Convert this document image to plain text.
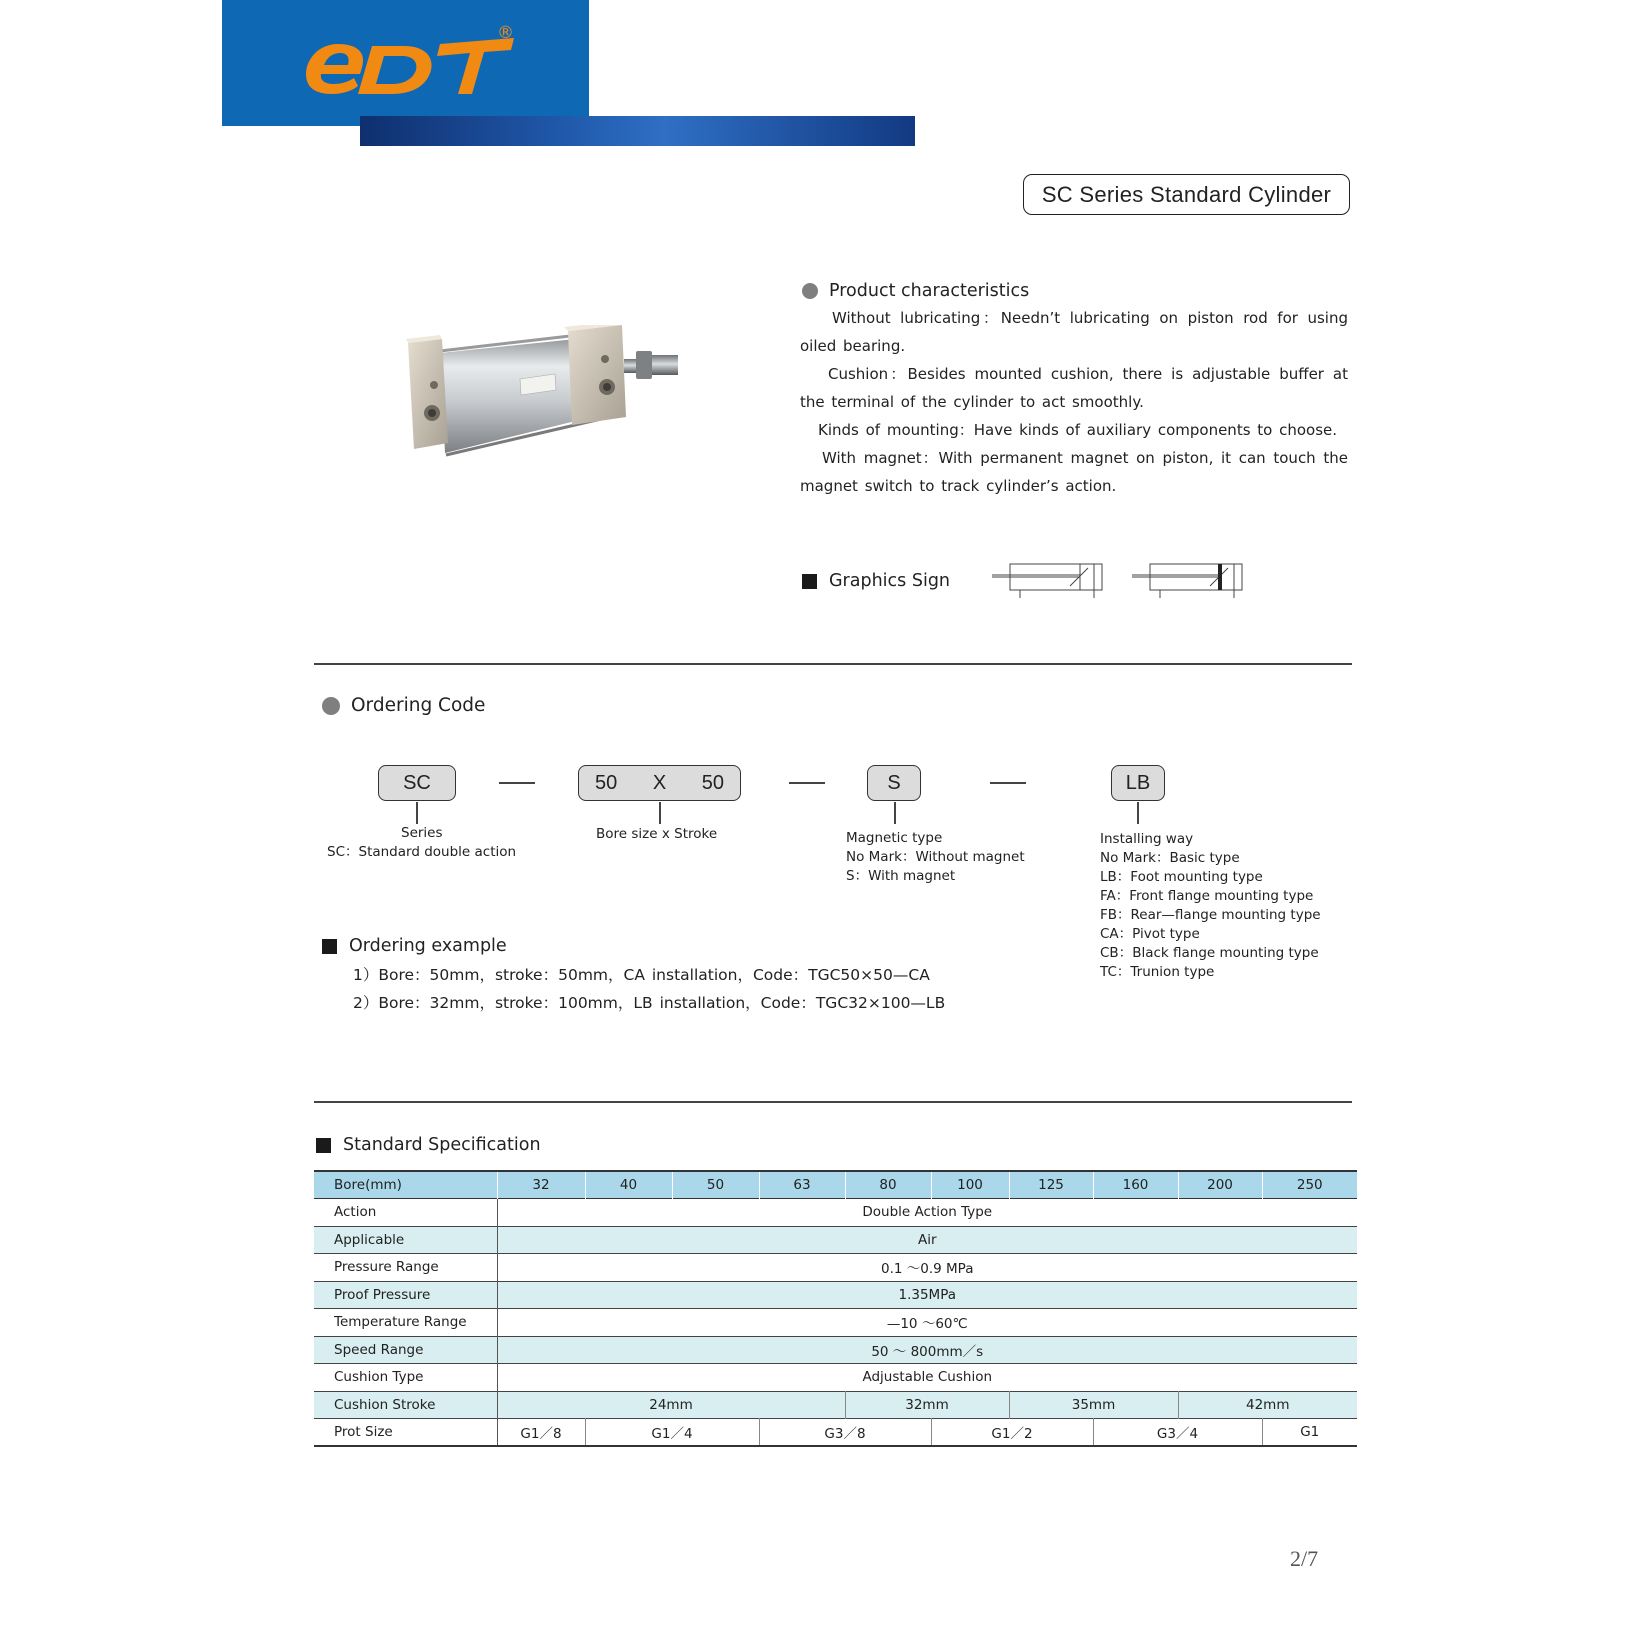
®
SC Series Standard Cylinder
Product characteristics

Without lubricating：Needn’t lubricating on piston rod for using oiled bearing.

Cushion：Besides mounted cushion, there is adjustable buffer at the terminal of the cylinder to act smoothly.

Kinds of mounting：Have kinds of auxiliary components to choose.

With magnet：With permanent magnet on piston, it can touch the magnet switch to track cylinder’s action.

Graphics Sign
Ordering Code
SC	50 X 50	S	LB
Series
SC：Standard double action
Bore size x Stroke	Magnetic type
No Mark：Without magnet
S：With magnet
Installing way
No Mark：Basic type
LB：Foot mounting type
FA：Front flange mounting type
FB：Rear—flange mounting type
CA：Pivot type
CB：Black flange mounting type
TC：Trunion type
Ordering example
1）Bore：50mm，stroke：50mm，CA installation，Code：TGC50×50—CA
2）Bore：32mm，stroke：100mm，LB installation，Code：TGC32×100—LB
Standard Specification
Bore(mm)	32	40	50	63	80	100	125	160	200	250
Action	Double Action Type									
Applicable	Air									
Pressure Range	0.1 ～0.9 MPa									
Proof Pressure	1.35MPa									
Temperature Range	—10 ～60℃									
Speed Range	50 ～ 800mm／s									
Cushion Type	Adjustable Cushion									
Cushion Stroke	24mm				32mm		35mm		42mm	
Prot Size	G1／8	G1／4		G3／8		G1／2		G3／4		G1
2/7
